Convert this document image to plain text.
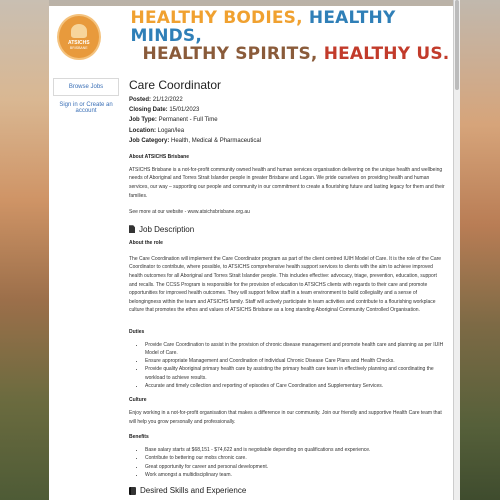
ATSICHS
BRISBANE
HEALTHY BODIES, HEALTHY MINDS,
HEALTHY SPIRITS, HEALTHY US.
Browse Jobs
Sign in or Create an account
Care Coordinator
Posted: 21/12/2022
Closing Date: 15/01/2023
Job Type: Permanent - Full Time
Location: Logan/lea
Job Category: Health, Medical & Pharmaceutical
About ATSICHS Brisbane
ATSICHS Brisbane is a not-for-profit community owned health and human services organisation delivering on the unique health and wellbeing needs of Aboriginal and Torres Strait Islander people in greater Brisbane and Logan. We pride ourselves on providing health and human services, our way – supporting our people and community in our commitment to create a flourishing future and lasting legacy for them and their families.
See more at our website - www.atsichsbrisbane.org.au
Job Description
About the role
The Care Coordination will implement the Care Coordinator program as part of the client centred IUIH Model of Care. It is the role of the Care Coordinator to contribute, where possible, to ATSICHS comprehensive health support services to clients with the aim to achieve improved health outcomes for all Aboriginal and Torres Strait Islander people. This includes effective: advocacy, triage, prevention, education, support and recalls. The CCSS Program is responsible for the provision of education to ATSICHS clients with regards to their care and promote opportunities for improved health outcomes. They will support fellow staff in a team environment to build collegiality and a sense of belongingness within the team and ATSICHS family. Staff will actively participate in team activities and contribute to a flourishing workplace culture that promotes the ethos and values of ATSICHS Brisbane as a long standing Aboriginal Community Controlled Organisation.
Duties
• Provide Care Coordination to assist in the provision of chronic disease management and promote health care and planning as per IUIH Model of Care.
• Ensure appropriate Management and Coordination of individual Chronic Disease Care Plans and Health Checks.
• Provide quality Aboriginal primary health care by assisting the primary health care team in effectively planning and coordinating the workload to achieve results.
• Accurate and timely collection and reporting of episodes of Care Coordination and Supplementary Services.
Culture
Enjoy working in a not-for-profit organisation that makes a difference in our community. Join our friendly and supportive Health Care team that will help you grow personally and professionally.
Benefits
• Base salary starts at $68,151 - $74,622 and is negotiable depending on qualifications and experience.
• Contribute to bettering our mobs chronic care.
• Great opportunity for career and personal development.
• Work amongst a multidisciplinary team.
Desired Skills and Experience
